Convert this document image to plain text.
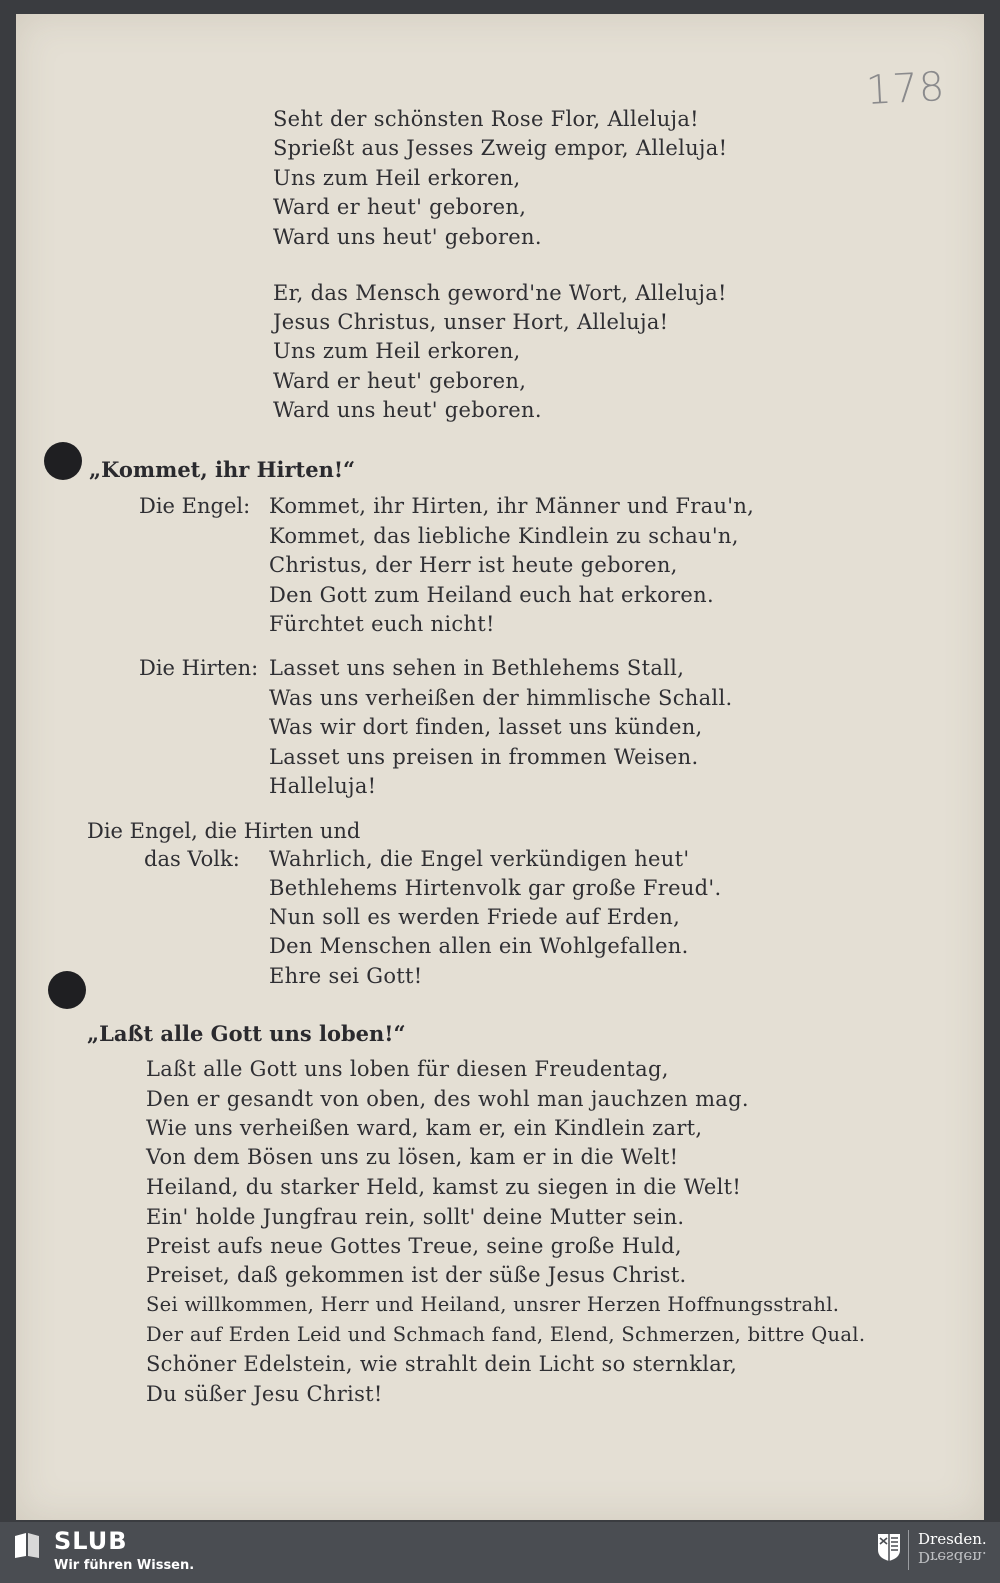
178
Seht der schönsten Rose Flor, Alleluja!
Sprießt aus Jesses Zweig empor, Alleluja!
Uns zum Heil erkoren,
Ward er heut' geboren,
Ward uns heut' geboren.
Er, das Mensch geword'ne Wort, Alleluja!
Jesus Christus, unser Hort, Alleluja!
Uns zum Heil erkoren,
Ward er heut' geboren,
Ward uns heut' geboren.
„Kommet, ihr Hirten!“
Die Engel: Kommet, ihr Hirten, ihr Männer und Frau'n,
Kommet, das liebliche Kindlein zu schau'n,
Christus, der Herr ist heute geboren,
Den Gott zum Heiland euch hat erkoren.
Fürchtet euch nicht!
Die Hirten: Lasset uns sehen in Bethlehems Stall,
Was uns verheißen der himmlische Schall.
Was wir dort finden, lasset uns künden,
Lasset uns preisen in frommen Weisen.
Halleluja!
Die Engel, die Hirten und
das Volk: Wahrlich, die Engel verkündigen heut'
Bethlehems Hirtenvolk gar große Freud'.
Nun soll es werden Friede auf Erden,
Den Menschen allen ein Wohlgefallen.
Ehre sei Gott!
„Laßt alle Gott uns loben!“
Laßt alle Gott uns loben für diesen Freudentag,
Den er gesandt von oben, des wohl man jauchzen mag.
Wie uns verheißen ward, kam er, ein Kindlein zart,
Von dem Bösen uns zu lösen, kam er in die Welt!
Heiland, du starker Held, kamst zu siegen in die Welt!
Ein' holde Jungfrau rein, sollt' deine Mutter sein.
Preist aufs neue Gottes Treue, seine große Huld,
Preiset, daß gekommen ist der süße Jesus Christ.
Sei willkommen, Herr und Heiland, unsrer Herzen Hoffnungsstrahl.
Der auf Erden Leid und Schmach fand, Elend, Schmerzen, bittre Qual.
Schöner Edelstein, wie strahlt dein Licht so sternklar,
Du süßer Jesu Christ!
SLUB
Wir führen Wissen.
Dresden.
Dresden.
